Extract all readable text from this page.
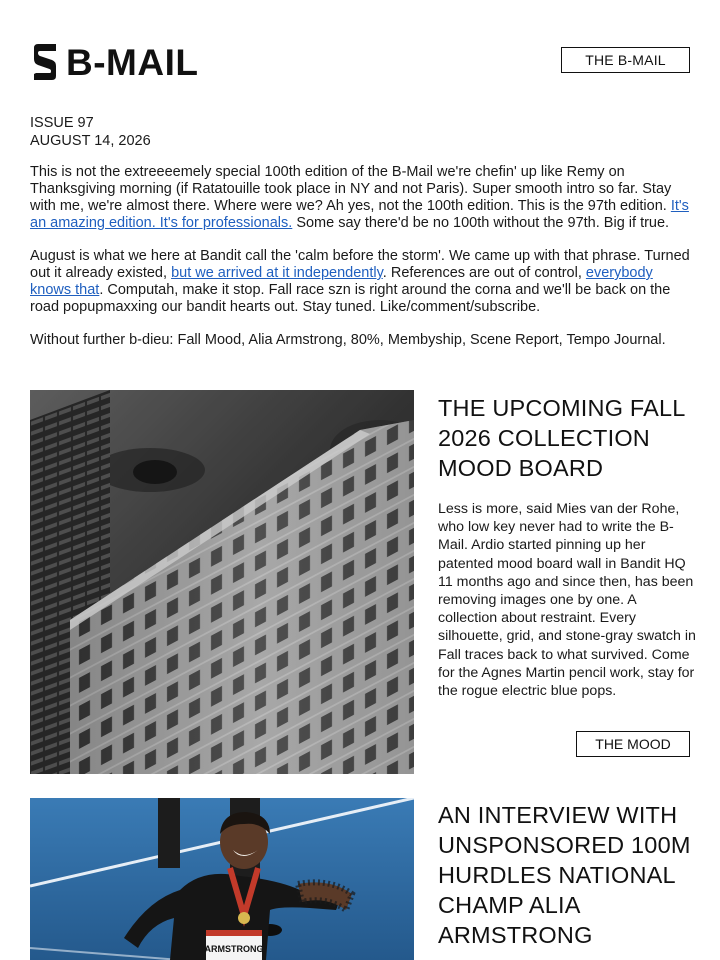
B-MAIL	THE B-MAIL
ISSUE 97
AUGUST 14, 2026

This is not the extreeeemely special 100th edition of the B-Mail we're chefin' up like Remy on Thanksgiving morning (if Ratatouille took place in NY and not Paris). Super smooth intro so far. Stay with me, we're almost there. Where were we? Ah yes, not the 100th edition. This is the 97th edition. It's an amazing edition. It's for professionals. Some say there'd be no 100th without the 97th. Big if true.

August is what we here at Bandit call the 'calm before the storm'. We came up with that phrase. Turned out it already existed, but we arrived at it independently. References are out of control, everybody knows that. Computah, make it stop. Fall race szn is right around the corna and we'll be back on the road popupmaxxing our bandit hearts out. Stay tuned. Like/comment/subscribe.

Without further b-dieu: Fall Mood, Alia Armstrong, 80%, Membyship, Scene Report, Tempo Journal.

THE UPCOMING FALL 2026 COLLECTION MOOD BOARD

Less is more, said Mies van der Rohe, who low key never had to write the B-Mail. Ardio started pinning up her patented mood board wall in Bandit HQ 11 months ago and since then, has been removing images one by one. A collection about restraint. Every silhouette, grid, and stone-gray swatch in Fall traces back to what survived. Come for the Agnes Martin pencil work, stay for the rogue electric blue pops.

THE MOOD
ARMSTRONG
AN INTERVIEW WITH UNSPONSORED 100M HURDLES NATIONAL CHAMP ALIA ARMSTRONG
